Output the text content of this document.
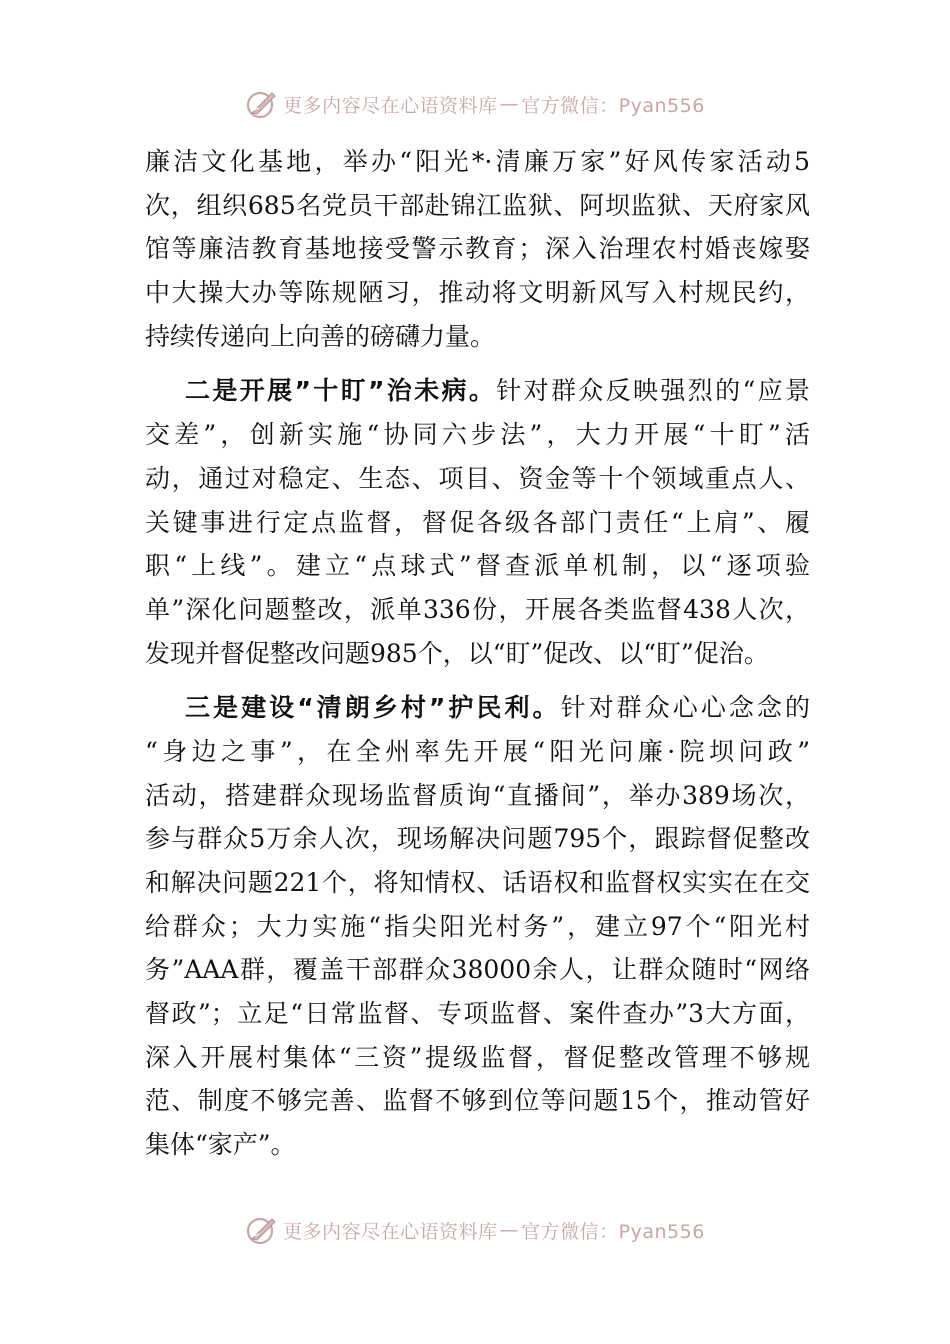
更多内容尽在心语资料库 — 官方微信：Pyan556
廉洁文化基地，举办“阳光*·清廉万家”好风传家活动5
次，组织685名党员干部赴锦江监狱、阿坝监狱、天府家风
馆等廉洁教育基地接受警示教育；深入治理农村婚丧嫁娶
中大操大办等陈规陋习，推动将文明新风写入村规民约，
持续传递向上向善的磅礴力量。
二是开展”十盯”治未病。针对群众反映强烈的“应景
交差”，创新实施“协同六步法”，大力开展“十盯”活
动，通过对稳定、生态、项目、资金等十个领域重点人、
关键事进行定点监督，督促各级各部门责任“上肩”、履
职“上线”。建立“点球式”督查派单机制，以“逐项验
单”深化问题整改，派单336份，开展各类监督438人次，
发现并督促整改问题985个，以“盯”促改、以“盯”促治。
三是建设“清朗乡村”护民利。针对群众心心念念的
“身边之事”，在全州率先开展“阳光问廉·院坝问政”
活动，搭建群众现场监督质询“直播间”，举办389场次，
参与群众5万余人次，现场解决问题795个，跟踪督促整改
和解决问题221个，将知情权、话语权和监督权实实在在交
给群众；大力实施“指尖阳光村务”，建立97个“阳光村
务”AAA群，覆盖干部群众38000余人，让群众随时“网络
督政”；立足“日常监督、专项监督、案件查办”3大方面，
深入开展村集体“三资”提级监督，督促整改管理不够规
范、制度不够完善、监督不够到位等问题15个，推动管好
集体“家产”。
更多内容尽在心语资料库 — 官方微信：Pyan556
